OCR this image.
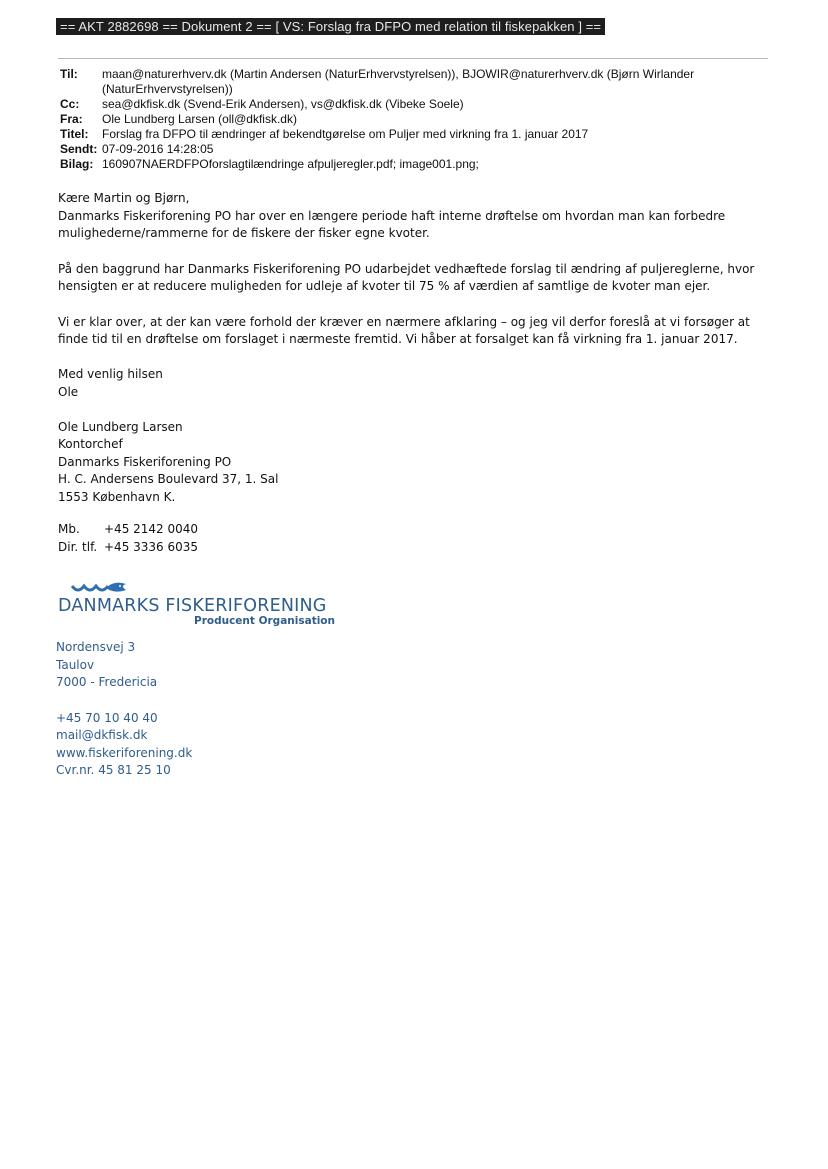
== AKT 2882698 == Dokument 2 == [ VS: Forslag fra DFPO med relation til fiskepakken ] ==
Til:	maan@naturerhverv.dk (Martin Andersen (NaturErhvervstyrelsen)), BJOWIR@naturerhverv.dk (Bjørn Wirlander
(NaturErhvervstyrelsen))
Cc:	sea@dkfisk.dk (Svend-Erik Andersen), vs@dkfisk.dk (Vibeke Soele)
Fra:	Ole Lundberg Larsen (oll@dkfisk.dk)
Titel:	Forslag fra DFPO til ændringer af bekendtgørelse om Puljer med virkning fra 1. januar 2017
Sendt: 07-09-2016 14:28:05
Bilag: 160907NAERDFPOforslagtilændringe afpuljeregler.pdf; image001.png;

Kære Martin og Bjørn,
Danmarks Fiskeriforening PO har over en længere periode haft interne drøftelse om hvordan man kan forbedre mulighederne/rammerne for de fiskere der fisker egne kvoter.

På den baggrund har Danmarks Fiskeriforening PO udarbejdet vedhæftede forslag til ændring af puljereglerne, hvor hensigten er at reducere muligheden for udleje af kvoter til 75 % af værdien af samtlige de kvoter man ejer.

Vi er klar over, at der kan være forhold der kræver en nærmere afklaring – og jeg vil derfor foreslå at vi forsøger at finde tid til en drøftelse om forslaget i nærmeste fremtid. Vi håber at forsalget kan få virkning fra 1. januar 2017.

Med venlig hilsen
Ole
Ole Lundberg Larsen
Kontorchef
Danmarks Fiskeriforening PO
H. C. Andersens Boulevard 37, 1. Sal
1553 København K.
Mb.	+45 2142 0040
Dir. tlf. +45 3336 6035
DANMARKS FISKERIFORENING
Producent Organisation
Nordensvej 3
Taulov
7000 - Fredericia
+45 70 10 40 40
mail@dkfisk.dk
www.fiskeriforening.dk
Cvr.nr. 45 81 25 10
